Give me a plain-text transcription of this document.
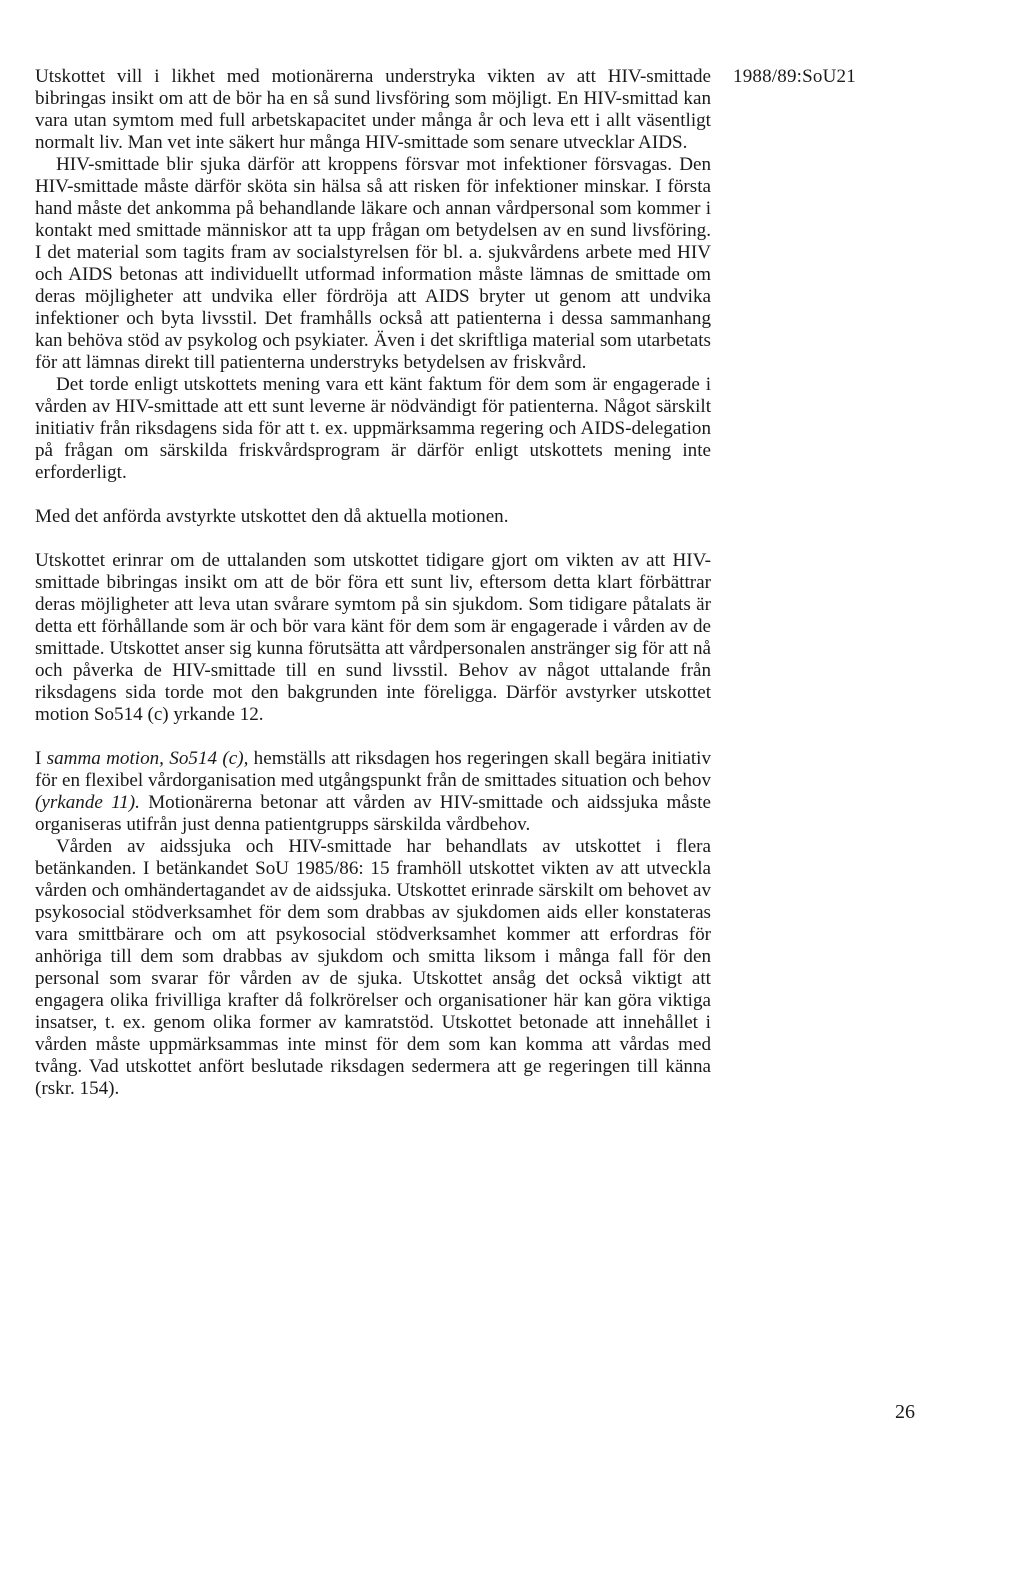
1988/89:SoU21

Utskottet vill i likhet med motionärerna understryka vikten av att HIV-smittade bibringas insikt om att de bör ha en så sund livsföring som möjligt. En HIV-smittad kan vara utan symtom med full arbetskapacitet under många år och leva ett i allt väsentligt normalt liv. Man vet inte säkert hur många HIV-smittade som senare utvecklar AIDS.

HIV-smittade blir sjuka därför att kroppens försvar mot infektioner försvagas. Den HIV-smittade måste därför sköta sin hälsa så att risken för infektioner minskar. I första hand måste det ankomma på behandlande läkare och annan vårdpersonal som kommer i kontakt med smittade människor att ta upp frågan om betydelsen av en sund livsföring. I det material som tagits fram av socialstyrelsen för bl. a. sjukvårdens arbete med HIV och AIDS betonas att individuellt utformad information måste lämnas de smittade om deras möjligheter att undvika eller fördröja att AIDS bryter ut genom att undvika infektioner och byta livsstil. Det framhålls också att patienterna i dessa sammanhang kan behöva stöd av psykolog och psykiater. Även i det skriftliga material som utarbetats för att lämnas direkt till patienterna understryks betydelsen av friskvård.

Det torde enligt utskottets mening vara ett känt faktum för dem som är engagerade i vården av HIV-smittade att ett sunt leverne är nödvändigt för patienterna. Något särskilt initiativ från riksdagens sida för att t. ex. uppmärksamma regering och AIDS-delegation på frågan om särskilda friskvårdsprogram är därför enligt utskottets mening inte erforderligt.

Med det anförda avstyrkte utskottet den då aktuella motionen.

Utskottet erinrar om de uttalanden som utskottet tidigare gjort om vikten av att HIV-smittade bibringas insikt om att de bör föra ett sunt liv, eftersom detta klart förbättrar deras möjligheter att leva utan svårare symtom på sin sjukdom. Som tidigare påtalats är detta ett förhållande som är och bör vara känt för dem som är engagerade i vården av de smittade. Utskottet anser sig kunna förutsätta att vårdpersonalen anstränger sig för att nå och påverka de HIV-smittade till en sund livsstil. Behov av något uttalande från riksdagens sida torde mot den bakgrunden inte föreligga. Därför avstyrker utskottet motion So514 (c) yrkande 12.

I samma motion, So514 (c), hemställs att riksdagen hos regeringen skall begära initiativ för en flexibel vårdorganisation med utgångspunkt från de smittades situation och behov (yrkande 11). Motionärerna betonar att vården av HIV-smittade och aidssjuka måste organiseras utifrån just denna patientgrupps särskilda vårdbehov.

Vården av aidssjuka och HIV-smittade har behandlats av utskottet i flera betänkanden. I betänkandet SoU 1985/86: 15 framhöll utskottet vikten av att utveckla vården och omhändertagandet av de aidssjuka. Utskottet erinrade särskilt om behovet av psykosocial stödverksamhet för dem som drabbas av sjukdomen aids eller konstateras vara smittbärare och om att psykosocial stödverksamhet kommer att erfordras för anhöriga till dem som drabbas av sjukdom och smitta liksom i många fall för den personal som svarar för vården av de sjuka. Utskottet ansåg det också viktigt att engagera olika frivilliga krafter då folkrörelser och organisationer här kan göra viktiga insatser, t. ex. genom olika former av kamratstöd. Utskottet betonade att innehållet i vården måste uppmärksammas inte minst för dem som kan komma att vårdas med tvång. Vad utskottet anfört beslutade riksdagen sedermera att ge regeringen till känna (rskr. 154).

26
